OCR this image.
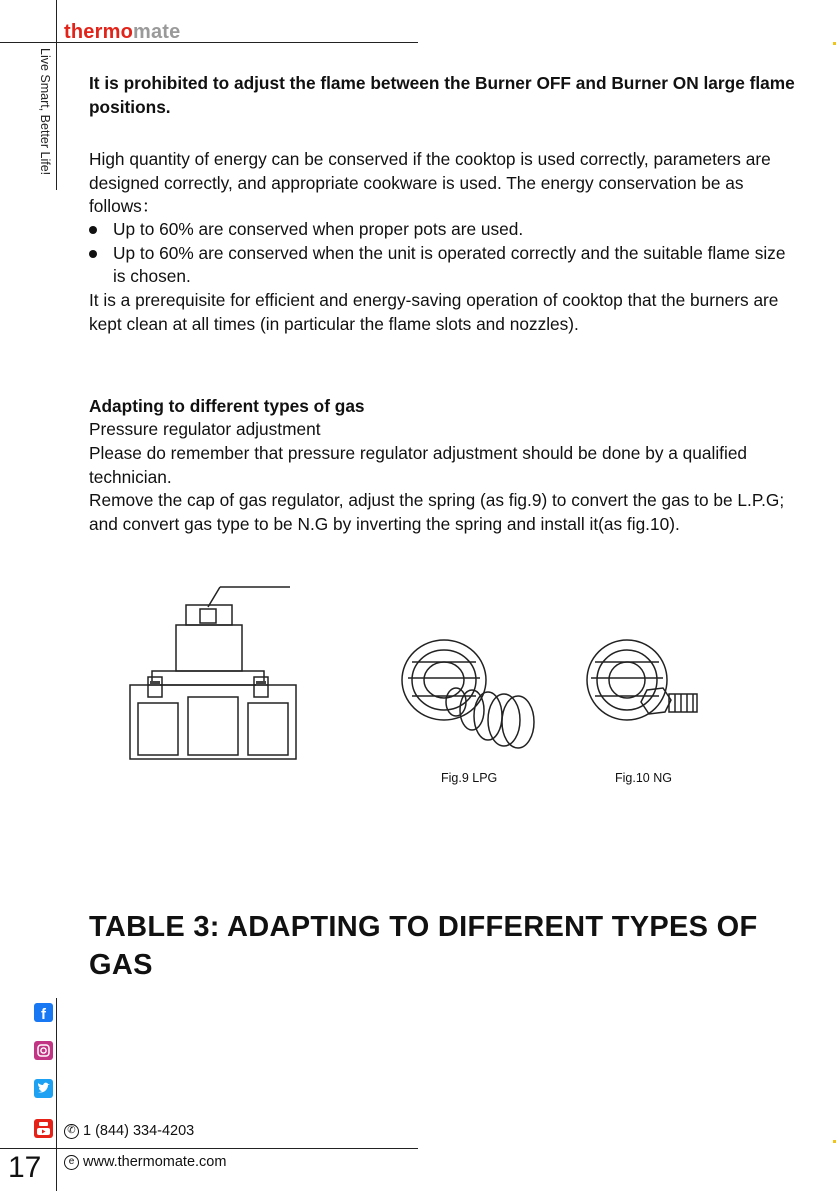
thermomate
Live Smart, Better Life! It is prohibited to adjust the flame between the Burner OFF and Burner ON large flame positions.
High quantity of energy can be conserved if the cooktop is used correctly, parameters are designed correctly, and appropriate cookware is used. The energy conservation be as follows：
Up to 60% are conserved when proper pots are used.
Up to 60% are conserved when the unit is operated correctly and the suitable flame size is chosen.
It is a prerequisite for efficient and energy-saving operation of cooktop that the burners are kept clean at all times (in particular the flame slots and nozzles).
Adapting to different types of gas
Pressure regulator adjustment
Please do remember that pressure regulator adjustment should be done by a qualified technician.
Remove the cap of gas regulator, adjust the spring (as fig.9) to convert the gas to be L.P.G; and convert gas type to be N.G by inverting the spring and install it(as fig.10).
Fig.9 LPG	Fig.10 NG
TABLE 3: ADAPTING TO DIFFERENT TYPES OF GAS
f
✆ 1 (844) 334-4203
17	e www.thermomate.com
